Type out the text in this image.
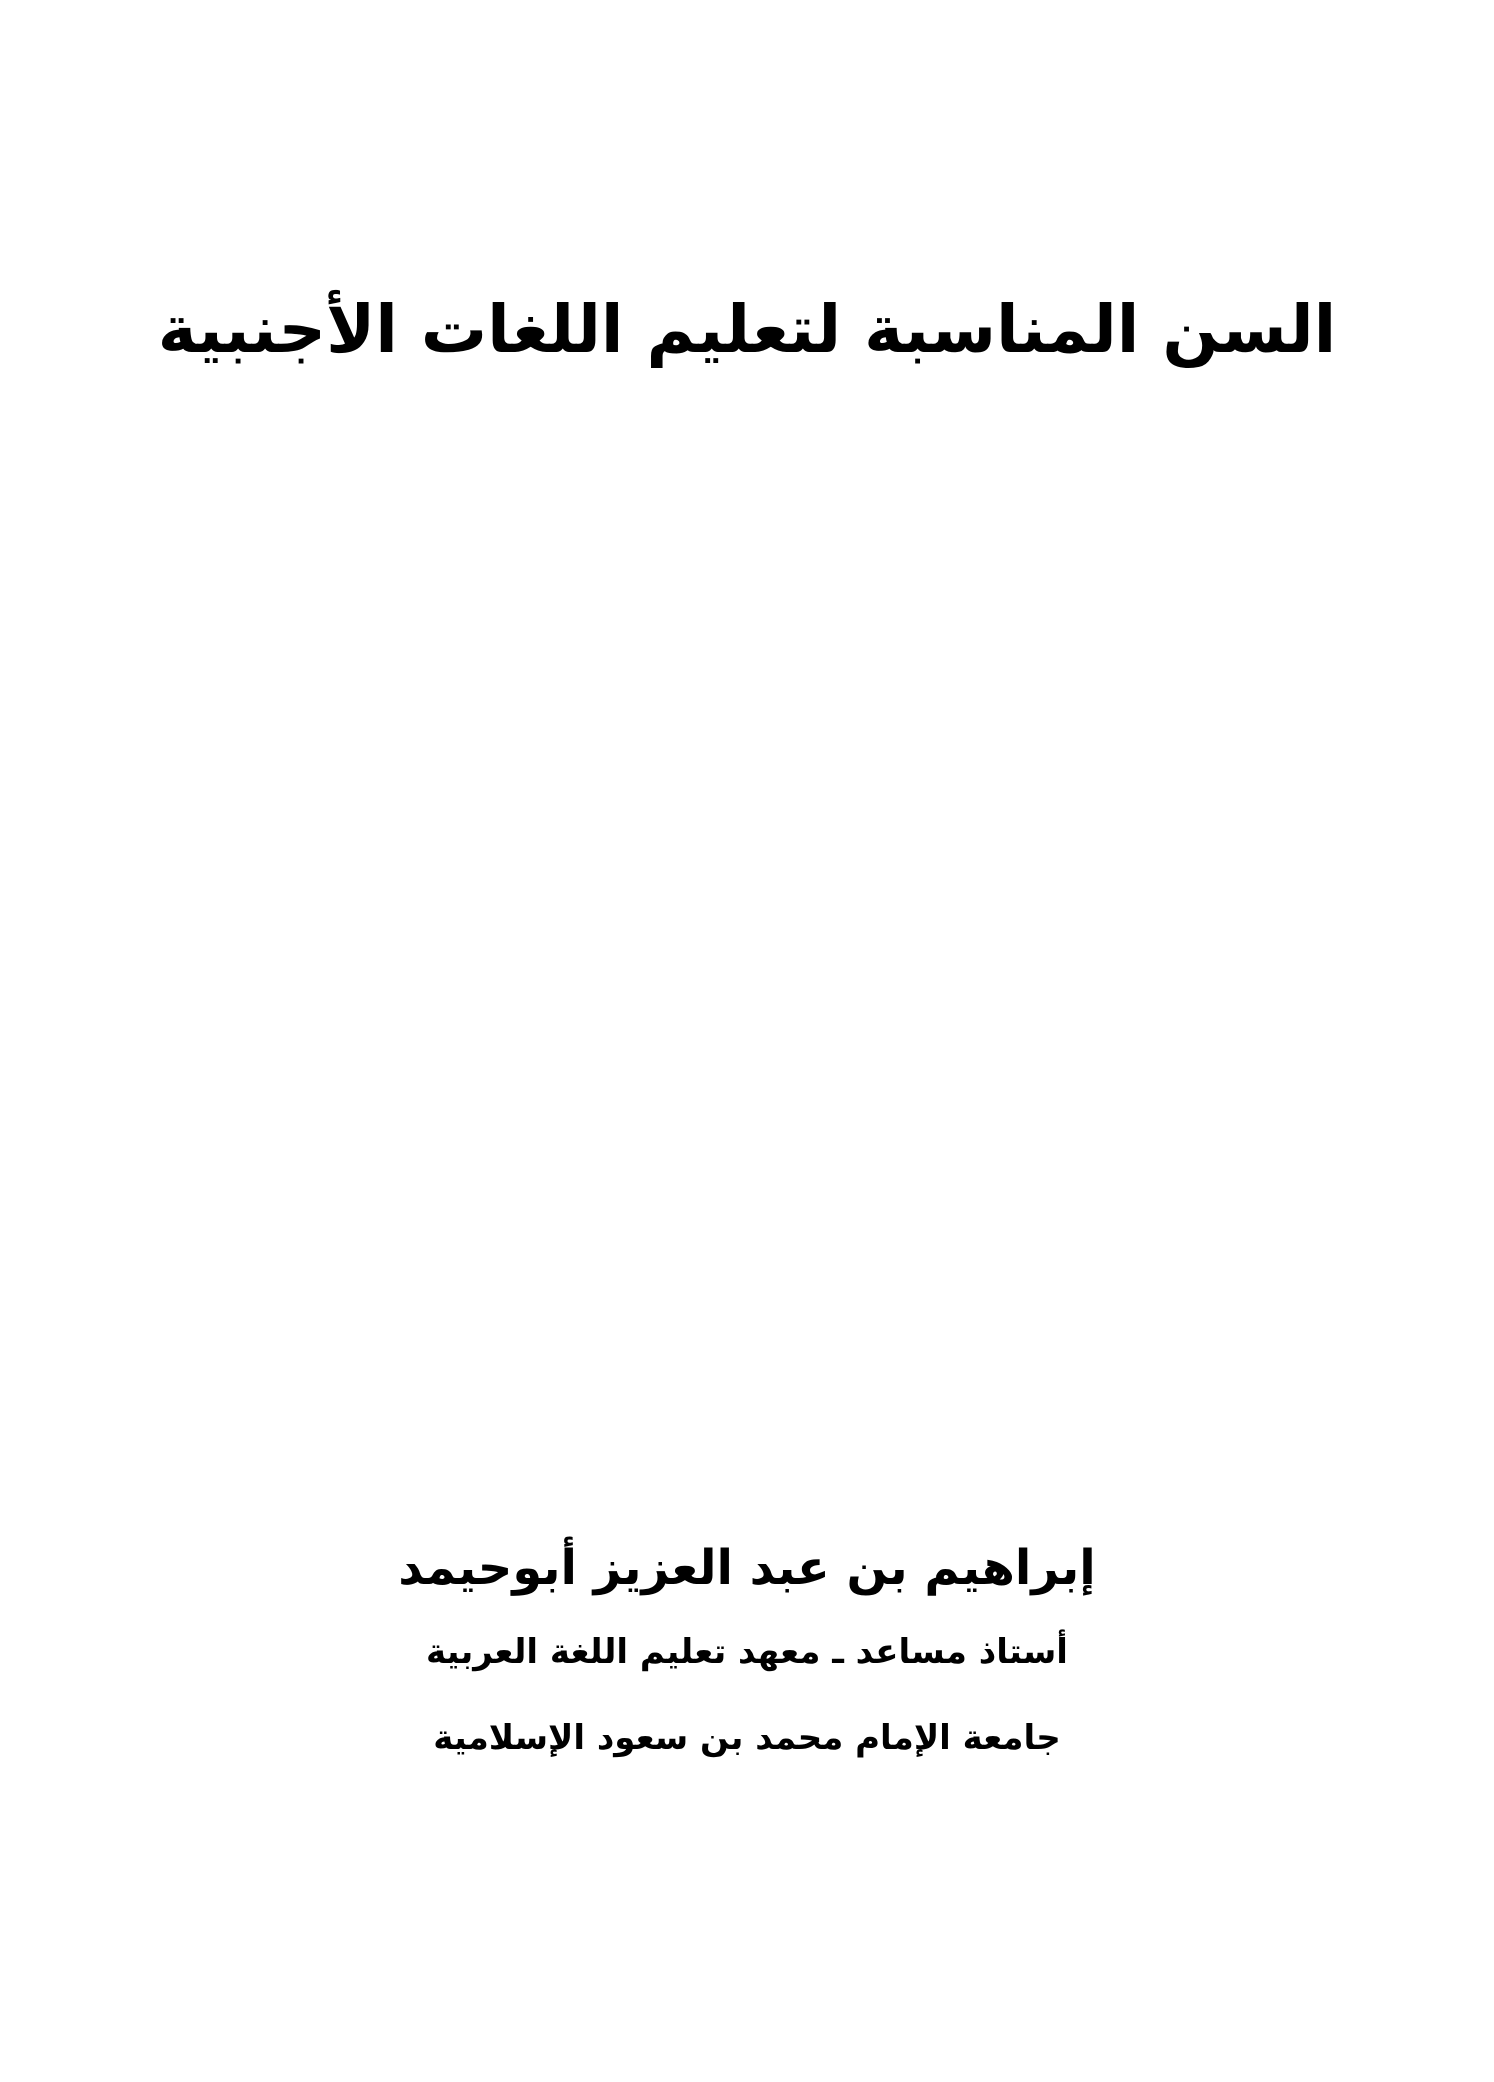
السن المناسبة لتعليم اللغات الأجنبية

إبراهيم بن عبد العزيز أبوحيمد

أستاذ مساعد ـ معهد تعليم اللغة العربية

جامعة الإمام محمد بن سعود الإسلامية
